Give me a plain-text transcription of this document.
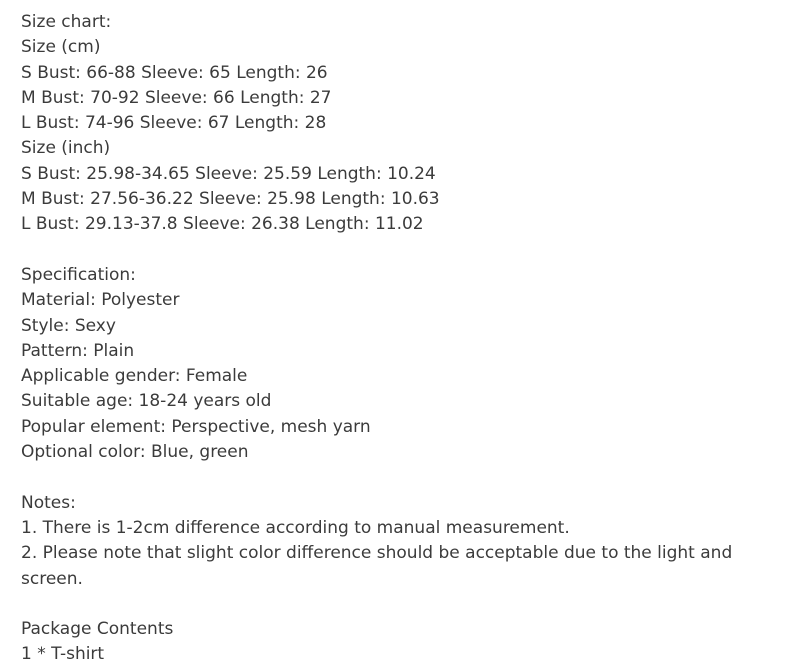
Size chart:
Size (cm)
S Bust: 66-88 Sleeve: 65 Length: 26
M Bust: 70-92 Sleeve: 66 Length: 27
L Bust: 74-96 Sleeve: 67 Length: 28
Size (inch)
S Bust: 25.98-34.65 Sleeve: 25.59 Length: 10.24
M Bust: 27.56-36.22 Sleeve: 25.98 Length: 10.63
L Bust: 29.13-37.8 Sleeve: 26.38 Length: 11.02
Specification:
Material: Polyester
Style: Sexy
Pattern: Plain
Applicable gender: Female
Suitable age: 18-24 years old
Popular element: Perspective, mesh yarn
Optional color: Blue, green
Notes:
1. There is 1-2cm difference according to manual measurement.
2. Please note that slight color difference should be acceptable due to the light and screen.
Package Contents
1 * T-shirt
